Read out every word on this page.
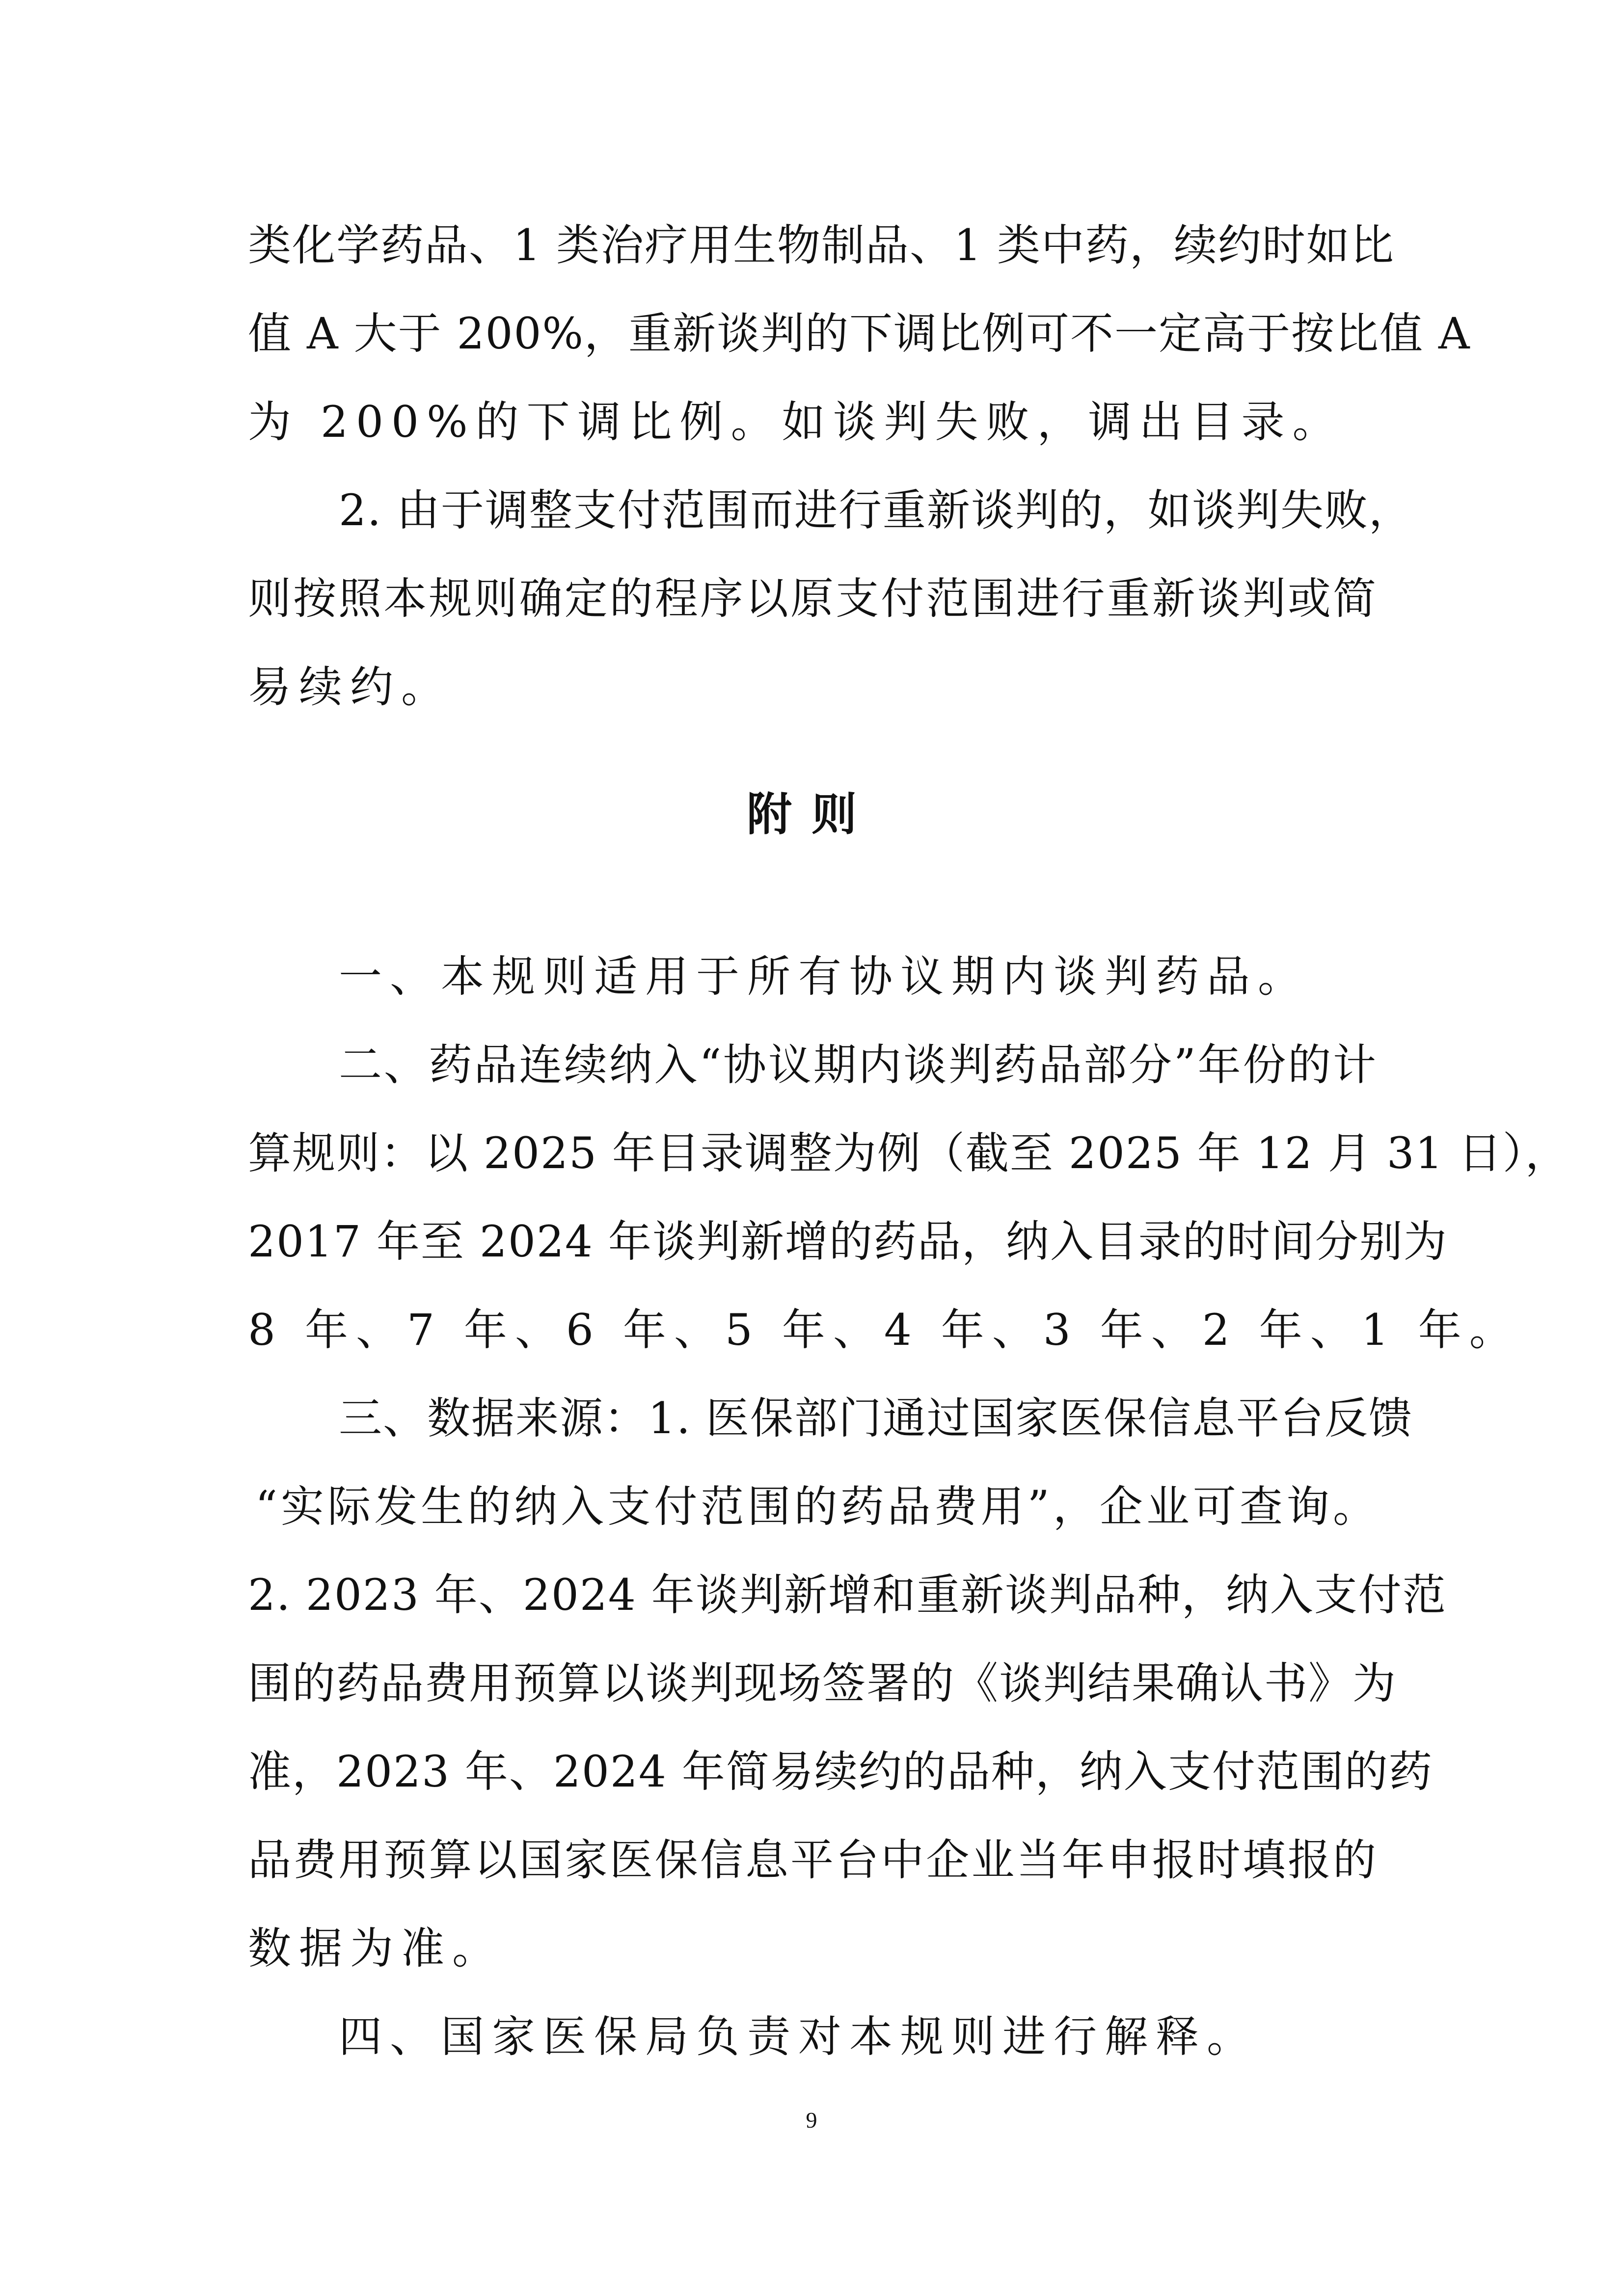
类化学药品、1 类治疗用生物制品、1 类中药，续约时如比
值 A 大于 200%，重新谈判的下调比例可不一定高于按比值 A
为 200%的下调比例。如谈判失败，调出目录。
2. 由于调整支付范围而进行重新谈判的，如谈判失败，
则按照本规则确定的程序以原支付范围进行重新谈判或简
易续约。
附则
一、本规则适用于所有协议期内谈判药品。
二、药品连续纳入“协议期内谈判药品部分”年份的计
算规则：以 2025 年目录调整为例（截至 2025 年 12 月 31 日），
2017 年至 2024 年谈判新增的药品，纳入目录的时间分别为
8 年、7 年、6 年、5 年、4 年、3 年、2 年、1 年。
三、数据来源：1. 医保部门通过国家医保信息平台反馈
“实际发生的纳入支付范围的药品费用”，企业可查询。
2. 2023 年、2024 年谈判新增和重新谈判品种，纳入支付范
围的药品费用预算以谈判现场签署的《谈判结果确认书》为
准，2023 年、2024 年简易续约的品种，纳入支付范围的药
品费用预算以国家医保信息平台中企业当年申报时填报的
数据为准。
四、国家医保局负责对本规则进行解释。
9
